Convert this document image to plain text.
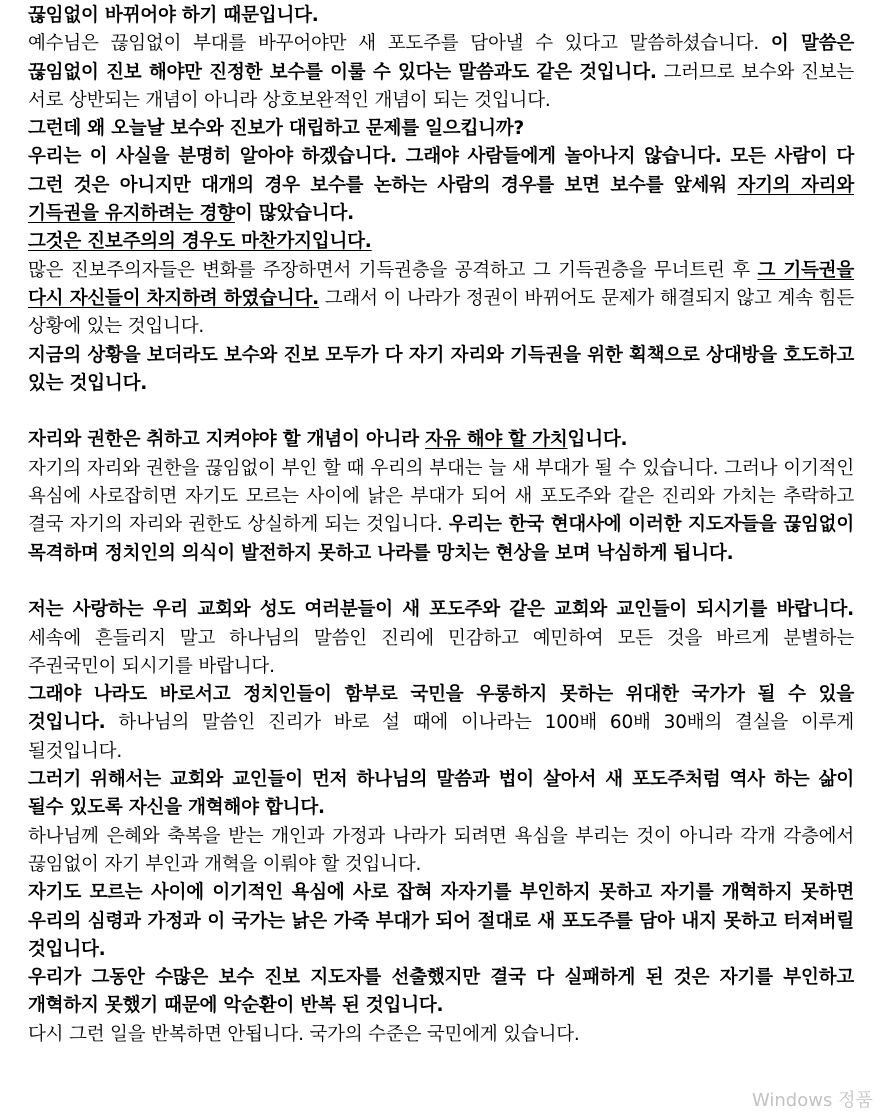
끊임없이 바뀌어야 하기 때문입니다.

예수님은 끊임없이 부대를 바꾸어야만 새 포도주를 담아낼 수 있다고 말씀하셨습니다. 이 말씀은 끊임없이 진보 해야만 진정한 보수를 이룰 수 있다는 말씀과도 같은 것입니다. 그러므로 보수와 진보는 서로 상반되는 개념이 아니라 상호보완적인 개념이 되는 것입니다.

그런데 왜 오늘날 보수와 진보가 대립하고 문제를 일으킵니까?

우리는 이 사실을 분명히 알아야 하겠습니다. 그래야 사람들에게 놀아나지 않습니다. 모든 사람이 다 그런 것은 아니지만 대개의 경우 보수를 논하는 사람의 경우를 보면 보수를 앞세워 자기의 자리와 기득권을 유지하려는 경향이 많았습니다.

그것은 진보주의의 경우도 마찬가지입니다.

많은 진보주의자들은 변화를 주장하면서 기득권층을 공격하고 그 기득권층을 무너트린 후 그 기득권을 다시 자신들이 차지하려 하였습니다. 그래서 이 나라가 정권이 바뀌어도 문제가 해결되지 않고 계속 힘든 상황에 있는 것입니다.

지금의 상황을 보더라도 보수와 진보 모두가 다 자기 자리와 기득권을 위한 획책으로 상대방을 호도하고 있는 것입니다.

자리와 권한은 취하고 지켜야야 할 개념이 아니라 자유 해야 할 가치입니다.

자기의 자리와 권한을 끊임없이 부인 할 때 우리의 부대는 늘 새 부대가 될 수 있습니다. 그러나 이기적인 욕심에 사로잡히면 자기도 모르는 사이에 낡은 부대가 되어 새 포도주와 같은 진리와 가치는 추락하고 결국 자기의 자리와 권한도 상실하게 되는 것입니다. 우리는 한국 현대사에 이러한 지도자들을 끊임없이 목격하며 정치인의 의식이 발전하지 못하고 나라를 망치는 현상을 보며 낙심하게 됩니다.

저는 사랑하는 우리 교회와 성도 여러분들이 새 포도주와 같은 교회와 교인들이 되시기를 바랍니다. 세속에 흔들리지 말고 하나님의 말씀인 진리에 민감하고 예민하여 모든 것을 바르게 분별하는 주권국민이 되시기를 바랍니다.

그래야 나라도 바로서고 정치인들이 함부로 국민을 우롱하지 못하는 위대한 국가가 될 수 있을 것입니다. 하나님의 말씀인 진리가 바로 설 때에 이나라는 100배 60배 30배의 결실을 이루게 될것입니다.

그러기 위해서는 교회와 교인들이 먼저 하나님의 말씀과 법이 살아서 새 포도주처럼 역사 하는 삶이 될수 있도록 자신을 개혁해야 합니다.

하나님께 은혜와 축복을 받는 개인과 가정과 나라가 되려면 욕심을 부리는 것이 아니라 각개 각층에서 끊임없이 자기 부인과 개혁을 이뤄야 할 것입니다.

자기도 모르는 사이에 이기적인 욕심에 사로 잡혀 자자기를 부인하지 못하고 자기를 개혁하지 못하면 우리의 심령과 가정과 이 국가는 낡은 가죽 부대가 되어 절대로 새 포도주를 담아 내지 못하고 터져버릴 것입니다.

우리가 그동안 수많은 보수 진보 지도자를 선출했지만 결국 다 실패하게 된 것은 자기를 부인하고 개혁하지 못했기 때문에 악순환이 반복 된 것입니다.

다시 그런 일을 반복하면 안됩니다. 국가의 수준은 국민에게 있습니다.

Windows 정품
